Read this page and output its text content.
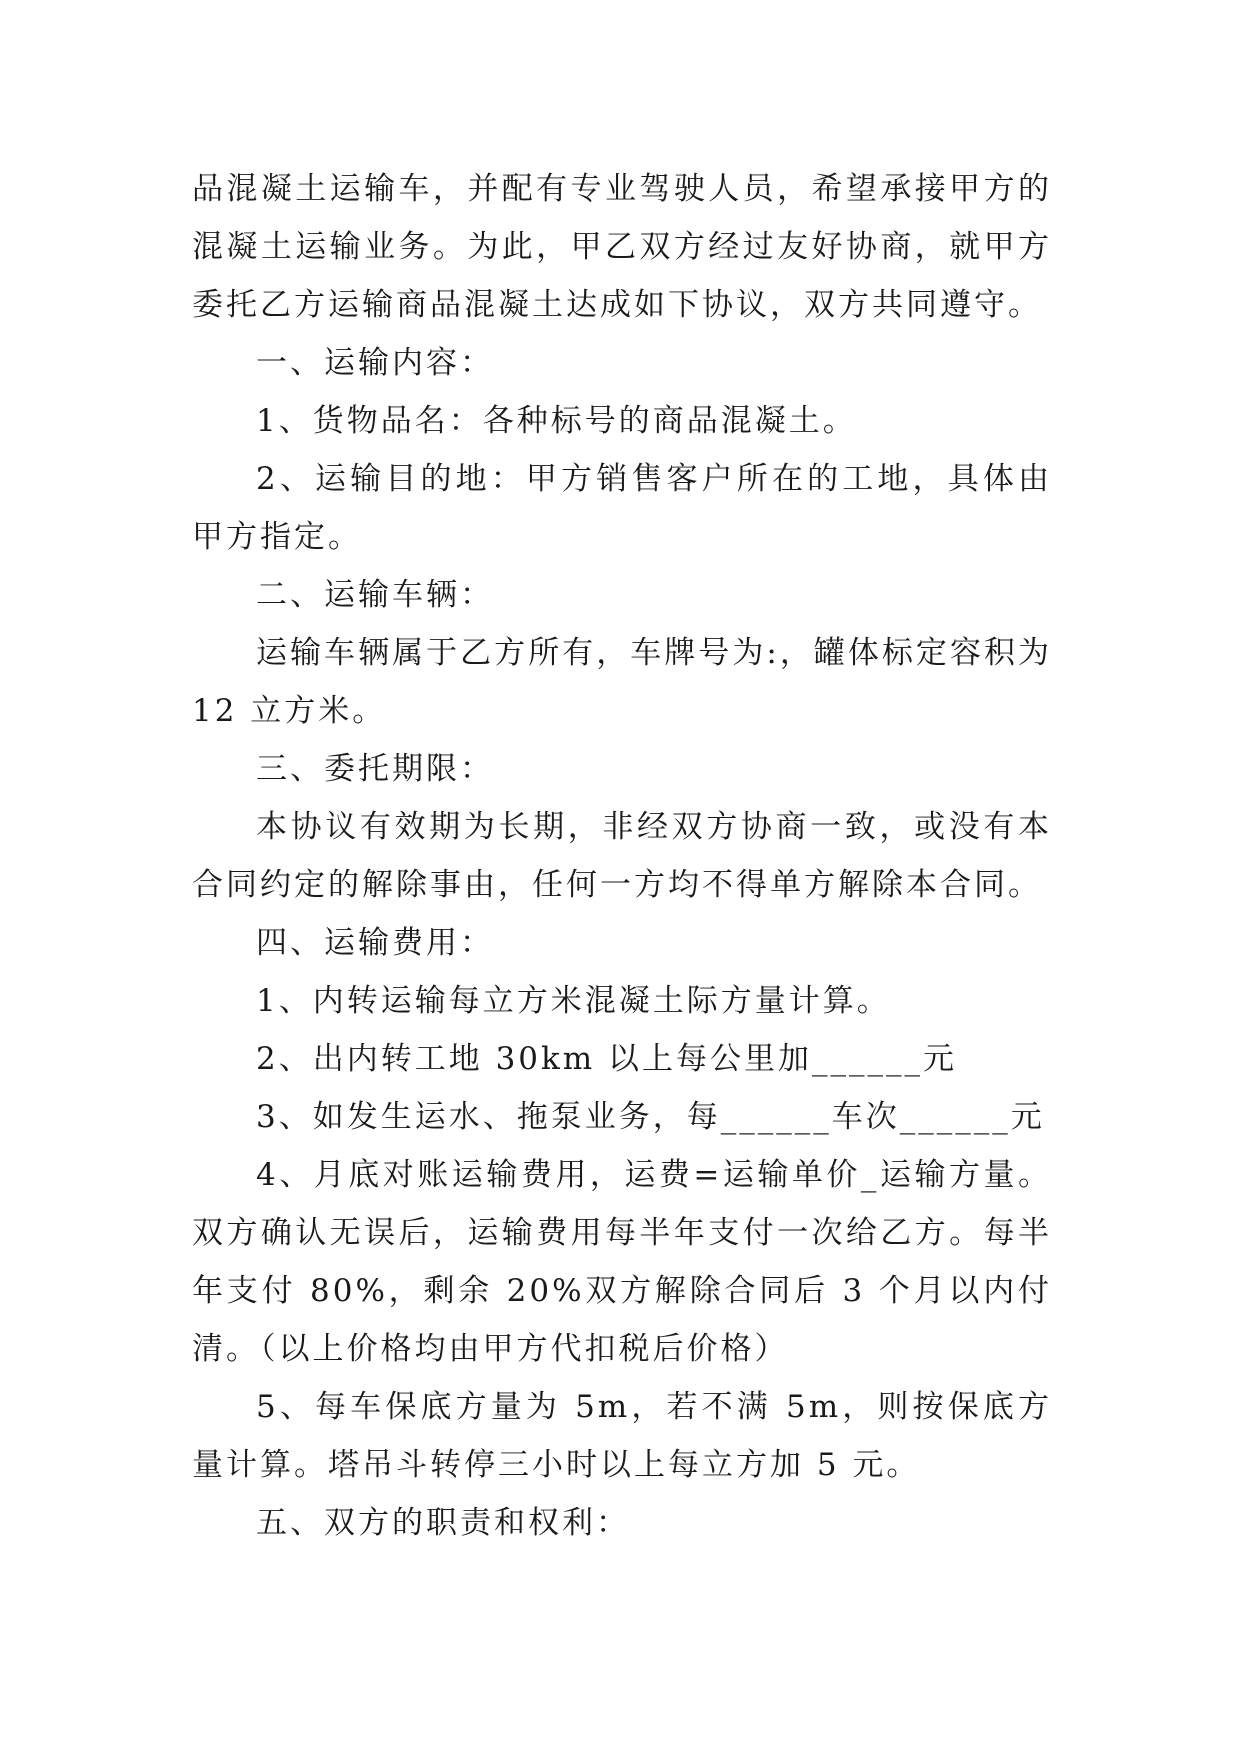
品混凝土运输车，并配有专业驾驶人员，希望承接甲方的混凝土运输业务。为此，甲乙双方经过友好协商，就甲方委托乙方运输商品混凝土达成如下协议，双方共同遵守。

一、运输内容：

1、货物品名：各种标号的商品混凝土。

2、运输目的地：甲方销售客户所在的工地，具体由甲方指定。

二、运输车辆：

运输车辆属于乙方所有，车牌号为:，罐体标定容积为 12 立方米。

三、委托期限：

本协议有效期为长期，非经双方协商一致，或没有本合同约定的解除事由，任何一方均不得单方解除本合同。

四、运输费用：

1、内转运输每立方米混凝土际方量计算。

2、出内转工地 30km 以上每公里加______元

3、如发生运水、拖泵业务，每______车次______元

4、月底对账运输费用，运费=运输单价_运输方量。双方确认无误后，运输费用每半年支付一次给乙方。每半年支付 80%，剩余 20%双方解除合同后 3 个月以内付清。（以上价格均由甲方代扣税后价格）

5、每车保底方量为 5m，若不满 5m，则按保底方量计算。塔吊斗转停三小时以上每立方加 5 元。

五、双方的职责和权利：
